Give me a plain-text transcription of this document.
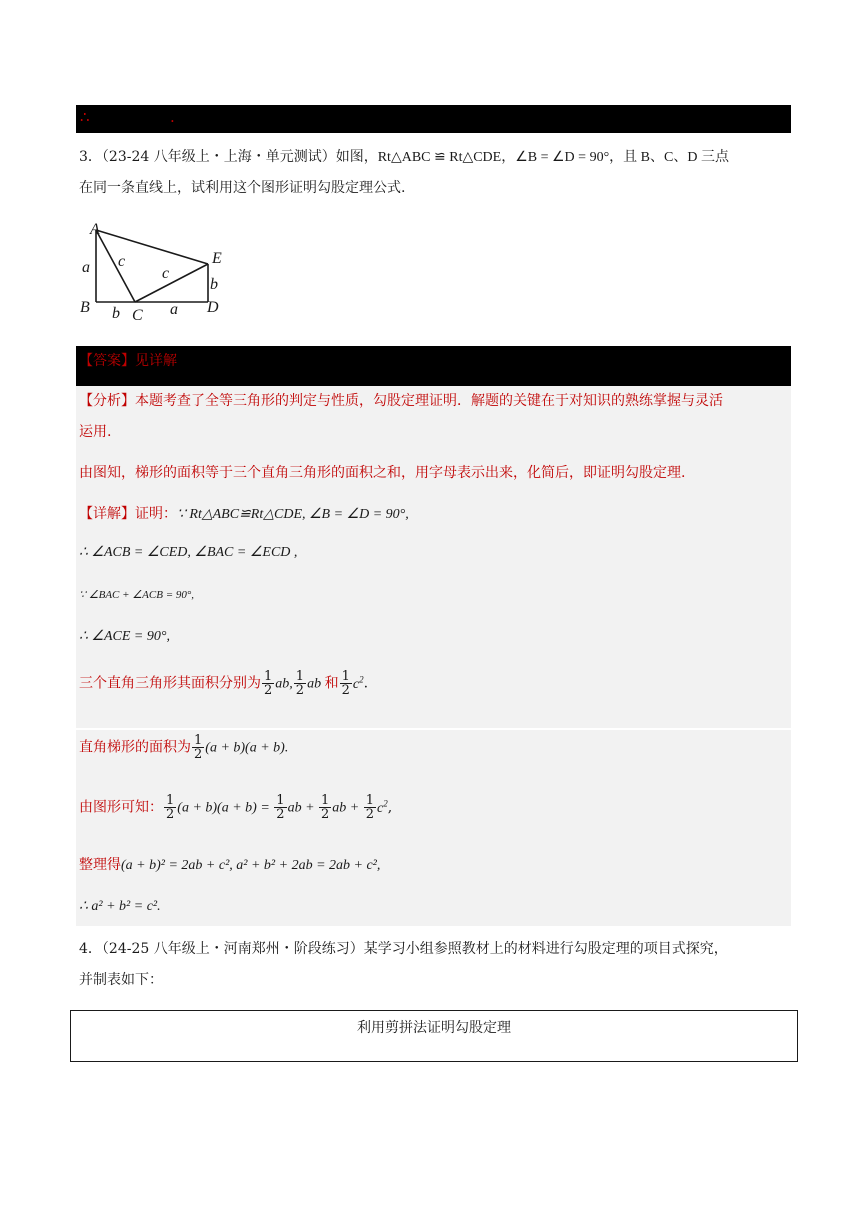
∴	.
3．（23-24 八年级上・上海・单元测试）如图，Rt△ABC ≌ Rt△CDE，∠B = ∠D = 90°，且 B、C、D 三点
在同一条直线上，试利用这个图形证明勾股定理公式.
A
E
B	C	D
a c
c
b
b	a
【答案】见详解
【分析】本题考查了全等三角形的判定与性质，勾股定理证明．解题的关键在于对知识的熟练掌握与灵活
运用.
由图知，梯形的面积等于三个直角三角形的面积之和，用字母表示出来，化简后，即证明勾股定理.
【详解】证明：∵ Rt△ABC≌Rt△CDE, ∠B = ∠D = 90°,
∴ ∠ACB = ∠CED, ∠BAC = ∠ECD ,
∵ ∠BAC + ∠ACB = 90°,
∴ ∠ACE = 90°,
三个直角三角形其面积分别为 $\frac{1}{2}$ ab, $\frac{1}{2}$ ab 和 $\frac{1}{2} c^2$.
直角梯形的面积为 $\frac{1}{2} (a + b)(a + b)$.
由图形可知： $\frac{1}{2} (a + b)(a + b) = \frac{1}{2}$ ab + $\frac{1}{2}$ ab + $\frac{1}{2} c^2$,
整理得(a + b)² = 2ab + c², a² + b² + 2ab = 2ab + c²,
∴ a² + b² = c².
4．（24-25 八年级上・河南郑州・阶段练习）某学习小组参照教材上的材料进行勾股定理的项目式探究，
并制表如下：
利用剪拼法证明勾股定理
